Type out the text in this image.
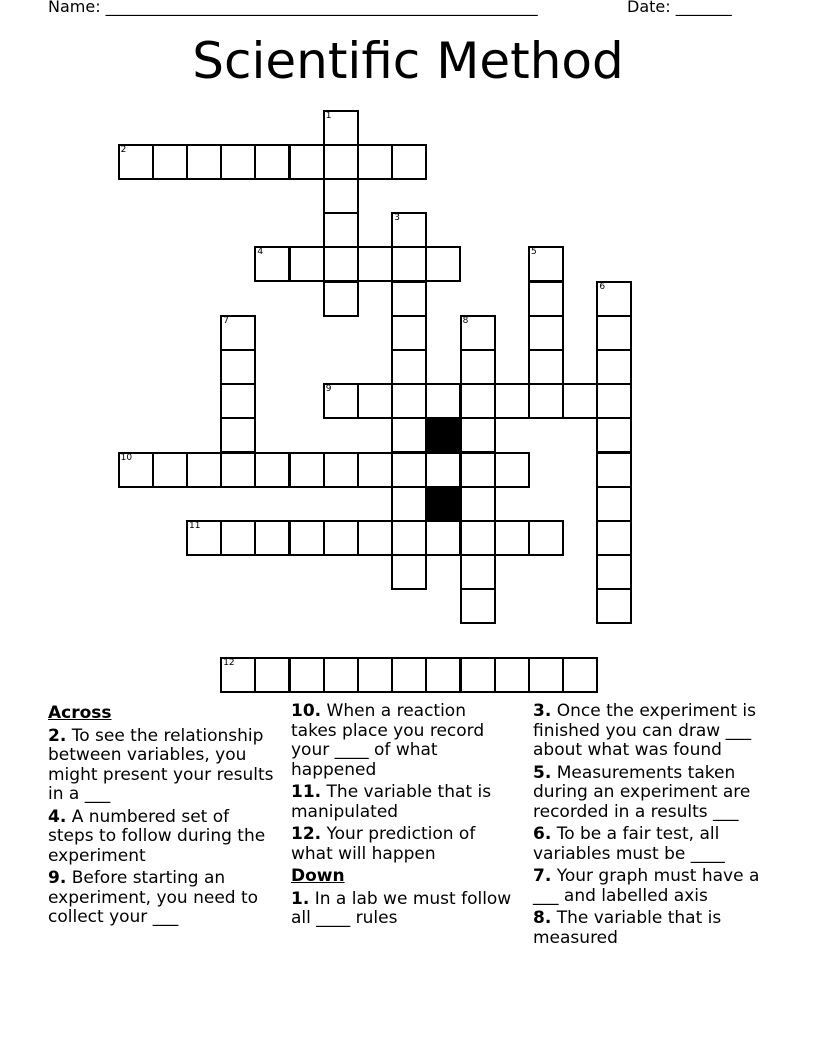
Name: ______________________________________________________	Date: _______
Scientific Method
1
2
3
4	5
6
7	8
9
10
11
12
Across
2. To see the relationship between variables, you might present your results in a ___
4. A numbered set of steps to follow during the experiment
9. Before starting an experiment, you need to collect your ___
10. When a reaction takes place you record your ____ of what happened
11. The variable that is manipulated
12. Your prediction of what will happen
Down
1. In a lab we must follow all ____ rules
3. Once the experiment is finished you can draw ___ about what was found
5. Measurements taken during an experiment are recorded in a results ___
6. To be a fair test, all variables must be ____
7. Your graph must have a ___ and labelled axis
8. The variable that is measured
